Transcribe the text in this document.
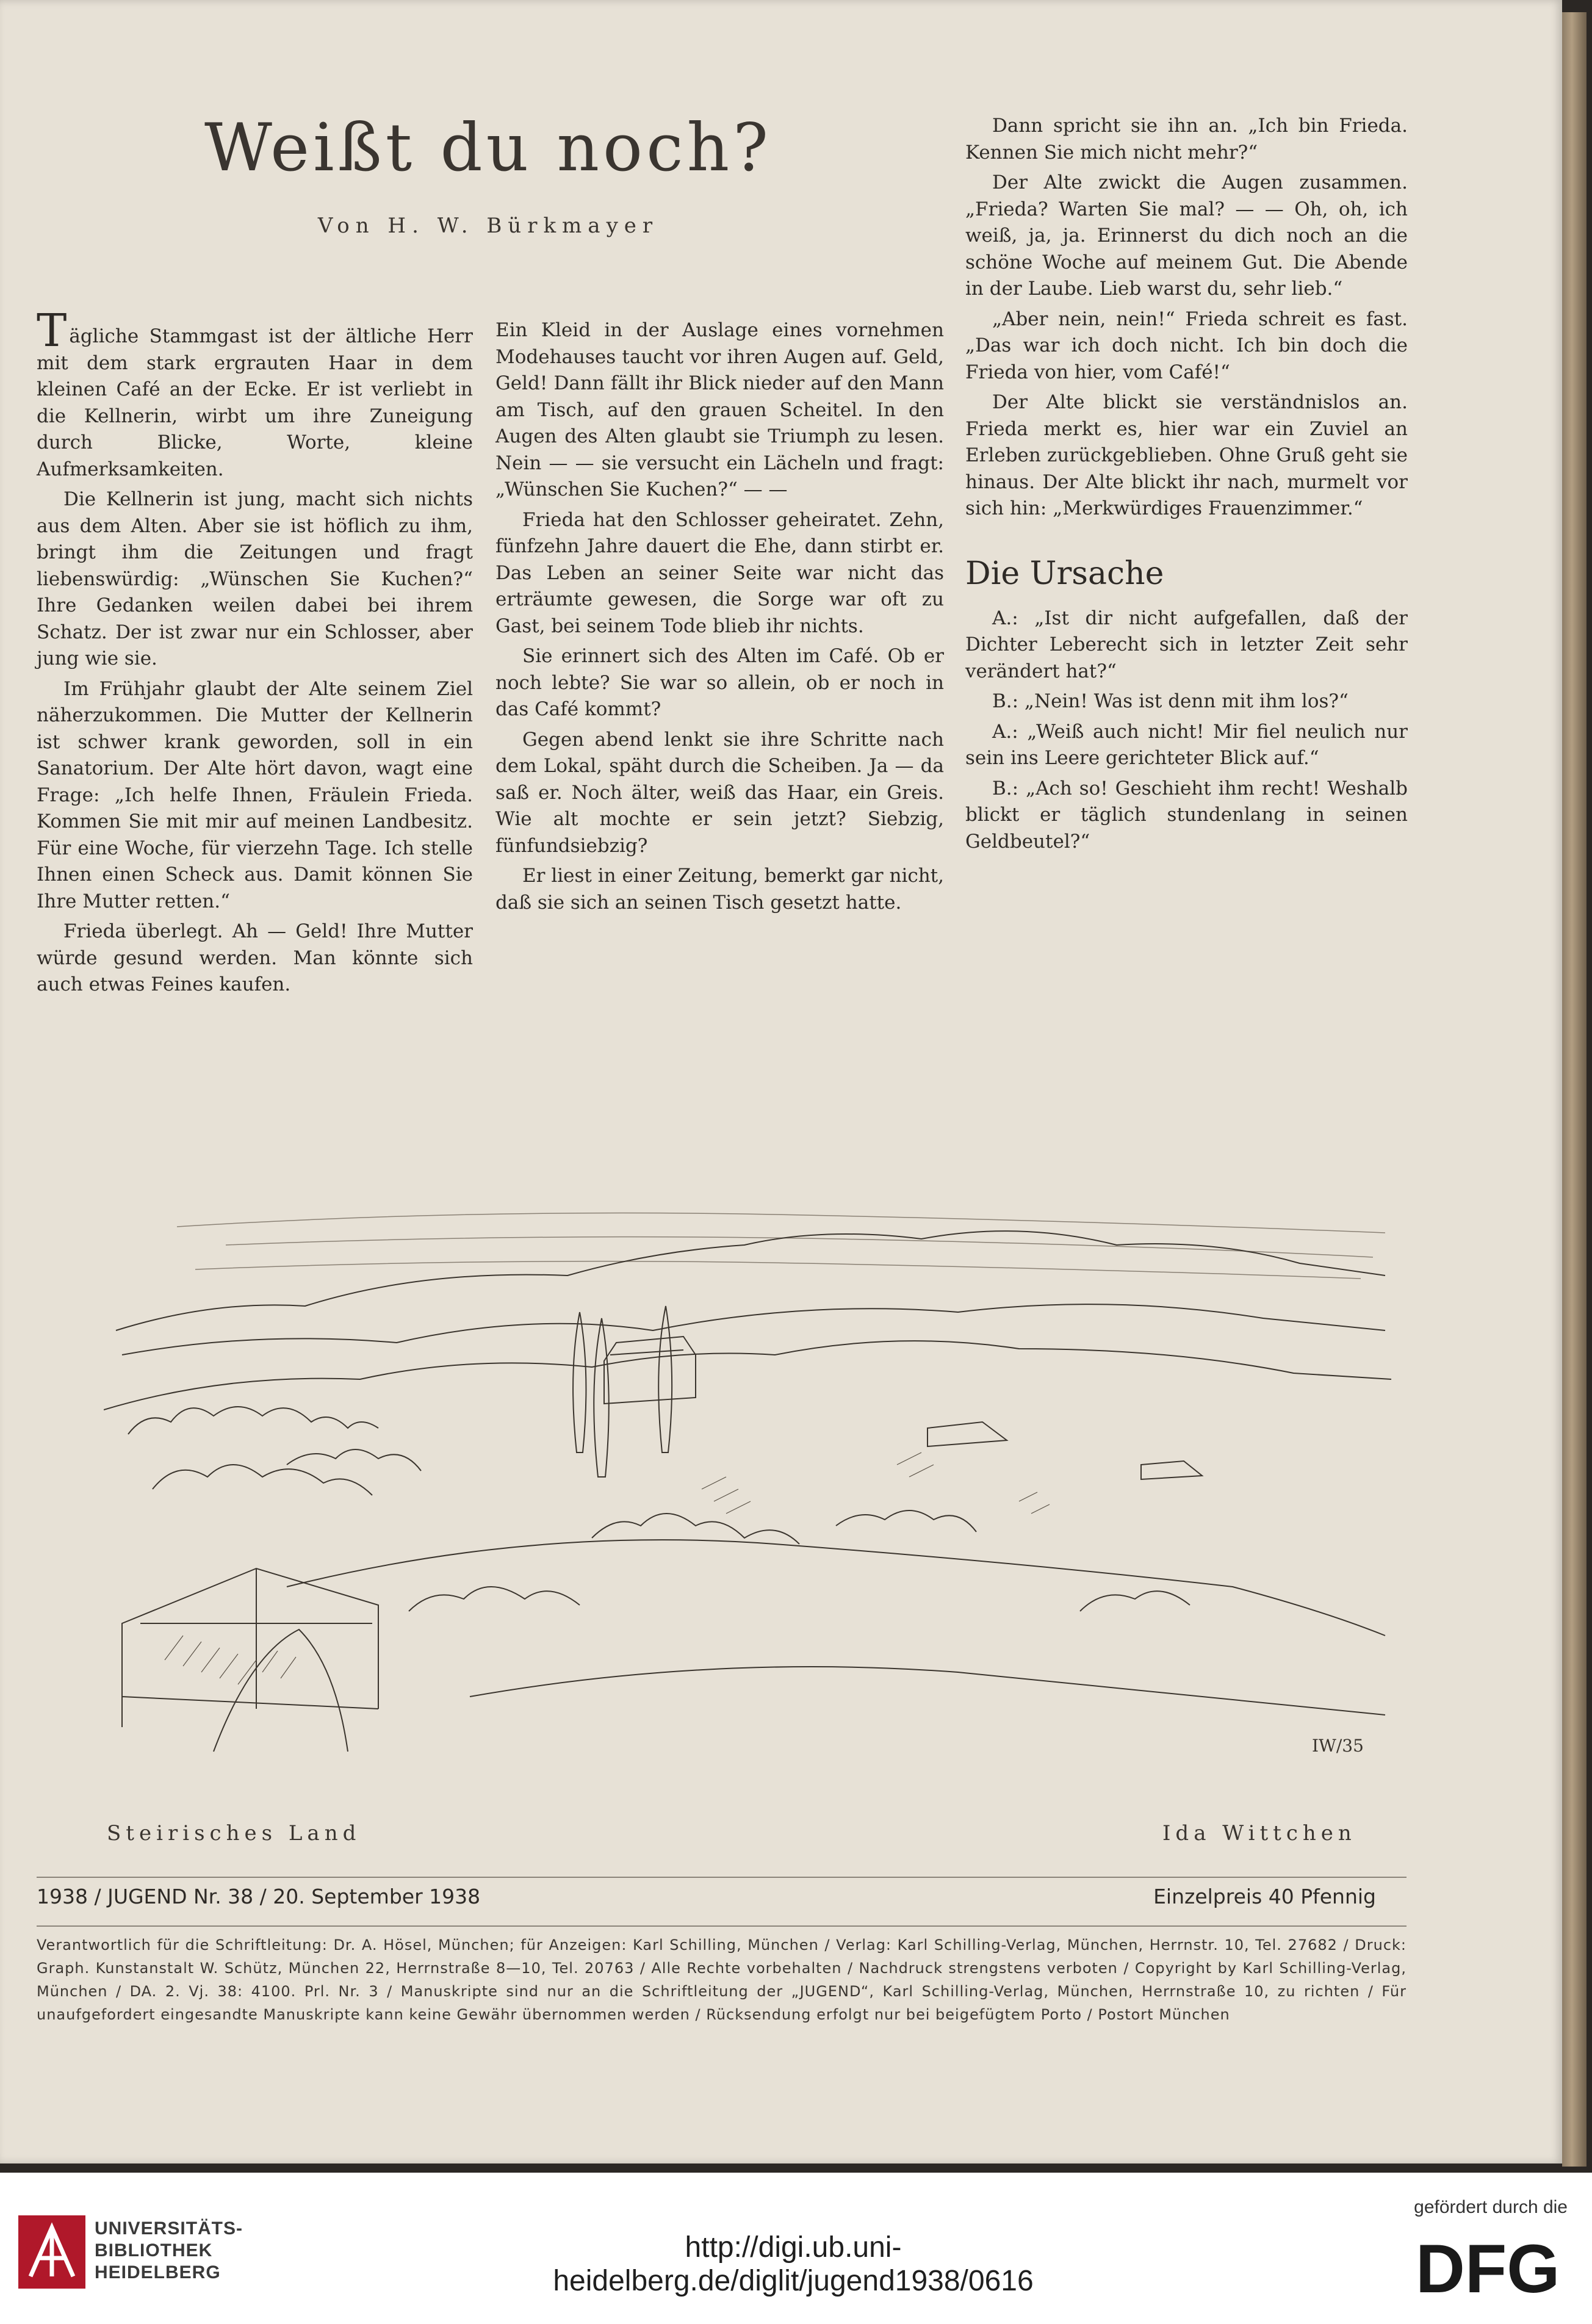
Weißt du noch?
Von H. W. Bürkmayer

Tägliche Stammgast ist der ältliche Herr mit dem stark ergrauten Haar in dem kleinen Café an der Ecke. Er ist verliebt in die Kellnerin, wirbt um ihre Zuneigung durch Blicke, Worte, kleine Aufmerksamkeiten.

Die Kellnerin ist jung, macht sich nichts aus dem Alten. Aber sie ist höflich zu ihm, bringt ihm die Zeitungen und fragt liebenswürdig: „Wünschen Sie Kuchen?“ Ihre Gedanken weilen dabei bei ihrem Schatz. Der ist zwar nur ein Schlosser, aber jung wie sie.

Im Frühjahr glaubt der Alte seinem Ziel näherzukommen. Die Mutter der Kellnerin ist schwer krank geworden, soll in ein Sanatorium. Der Alte hört davon, wagt eine Frage: „Ich helfe Ihnen, Fräulein Frieda. Kommen Sie mit mir auf meinen Landbesitz. Für eine Woche, für vierzehn Tage. Ich stelle Ihnen einen Scheck aus. Damit können Sie Ihre Mutter retten.“

Frieda überlegt. Ah — Geld! Ihre Mutter würde gesund werden. Man könnte sich auch etwas Feines kaufen.

Ein Kleid in der Auslage eines vornehmen Modehauses taucht vor ihren Augen auf. Geld, Geld! Dann fällt ihr Blick nieder auf den Mann am Tisch, auf den grauen Scheitel. In den Augen des Alten glaubt sie Triumph zu lesen. Nein — — sie versucht ein Lächeln und fragt: „Wünschen Sie Kuchen?“ — —

Frieda hat den Schlosser geheiratet. Zehn, fünfzehn Jahre dauert die Ehe, dann stirbt er. Das Leben an seiner Seite war nicht das erträumte gewesen, die Sorge war oft zu Gast, bei seinem Tode blieb ihr nichts.

Sie erinnert sich des Alten im Café. Ob er noch lebte? Sie war so allein, ob er noch in das Café kommt?

Gegen abend lenkt sie ihre Schritte nach dem Lokal, späht durch die Scheiben. Ja — da saß er. Noch älter, weiß das Haar, ein Greis. Wie alt mochte er sein jetzt? Siebzig, fünfundsiebzig?

Er liest in einer Zeitung, bemerkt gar nicht, daß sie sich an seinen Tisch gesetzt hatte.

Dann spricht sie ihn an. „Ich bin Frieda. Kennen Sie mich nicht mehr?“

Der Alte zwickt die Augen zusammen. „Frieda? Warten Sie mal? — — Oh, oh, ich weiß, ja, ja. Erinnerst du dich noch an die schöne Woche auf meinem Gut. Die Abende in der Laube. Lieb warst du, sehr lieb.“

„Aber nein, nein!“ Frieda schreit es fast. „Das war ich doch nicht. Ich bin doch die Frieda von hier, vom Café!“

Der Alte blickt sie verständnislos an. Frieda merkt es, hier war ein Zuviel an Erleben zurückgeblieben. Ohne Gruß geht sie hinaus. Der Alte blickt ihr nach, murmelt vor sich hin: „Merkwürdiges Frauenzimmer.“

Die Ursache

A.: „Ist dir nicht aufgefallen, daß der Dichter Leberecht sich in letzter Zeit sehr verändert hat?“

B.: „Nein! Was ist denn mit ihm los?“

A.: „Weiß auch nicht! Mir fiel neulich nur sein ins Leere gerichteter Blick auf.“

B.: „Ach so! Geschieht ihm recht! Weshalb blickt er täglich stundenlang in seinen Geldbeutel?“

IW/35
Steirisches Land	Ida Wittchen
1938 / JUGEND Nr. 38 / 20. September 1938	Einzelpreis 40 Pfennig
Verantwortlich für die Schriftleitung: Dr. A. Hösel, München; für Anzeigen: Karl Schilling, München / Verlag: Karl Schilling-Verlag, München, Herrnstr. 10, Tel. 27682 / Druck: Graph. Kunstanstalt W. Schütz, München 22, Herrnstraße 8—10, Tel. 20763 / Alle Rechte vorbehalten / Nachdruck strengstens verboten / Copyright by Karl Schilling-Verlag, München / DA. 2. Vj. 38: 4100. Prl. Nr. 3 / Manuskripte sind nur an die Schriftleitung der „JUGEND“, Karl Schilling-Verlag, München, Herrnstraße 10, zu richten / Für unaufgefordert eingesandte Manuskripte kann keine Gewähr übernommen werden / Rücksendung erfolgt nur bei beigefügtem Porto / Postort München
UNIVERSITÄTS-
BIBLIOTHEK
HEIDELBERG
http://digi.ub.uni-heidelberg.de/diglit/jugend1938/0616
gefördert durch die
DFG
